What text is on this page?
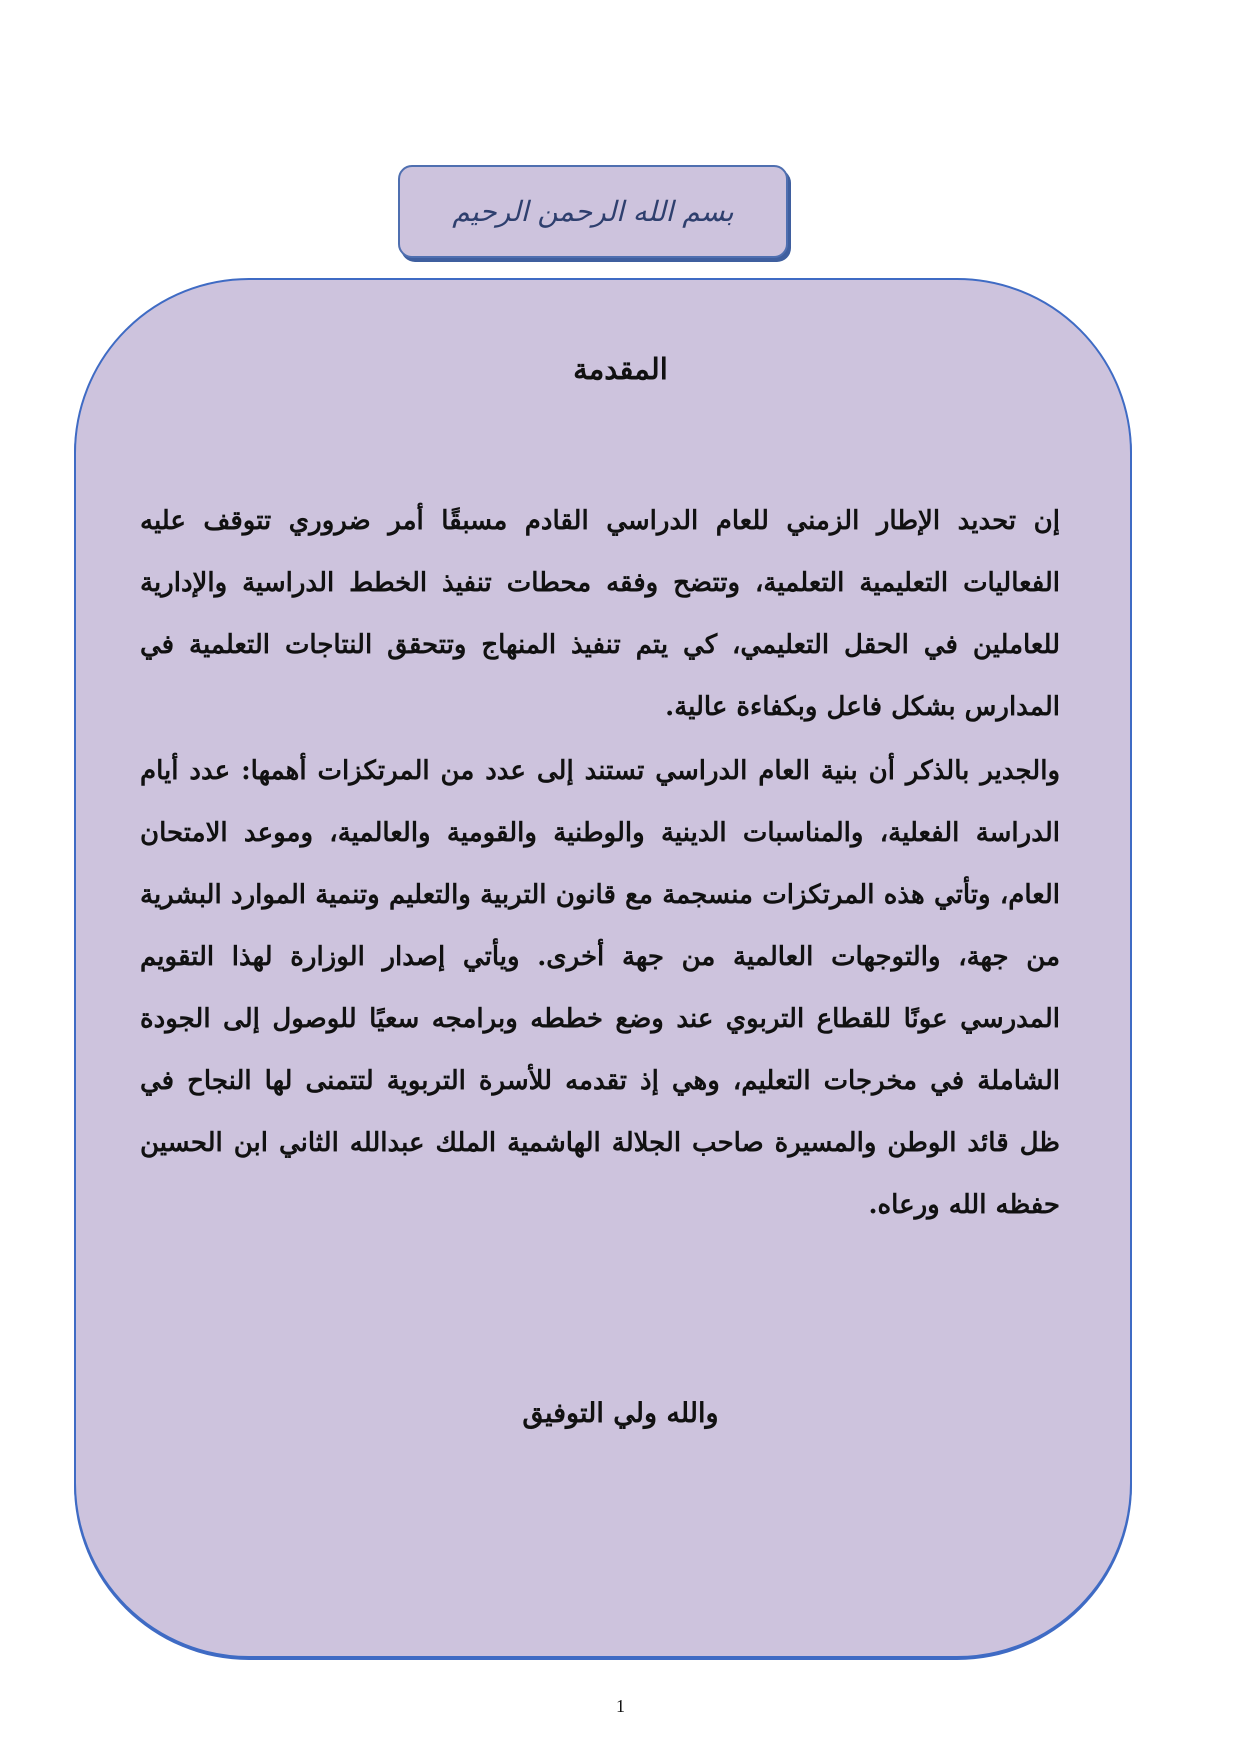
بسم الله الرحمن الرحيم
المقدمة

إن تحديد الإطار الزمني للعام الدراسي القادم مسبقًا أمر ضروري تتوقف عليه الفعاليات التعليمية التعلمية، وتتضح وفقه محطات تنفيذ الخطط الدراسية والإدارية للعاملين في الحقل التعليمي، كي يتم تنفيذ المنهاج وتتحقق النتاجات التعلمية في المدارس بشكل فاعل وبكفاءة عالية.

والجدير بالذكر أن بنية العام الدراسي تستند إلى عدد من المرتكزات أهمها: عدد أيام الدراسة الفعلية، والمناسبات الدينية والوطنية والقومية والعالمية، وموعد الامتحان العام، وتأتي هذه المرتكزات منسجمة مع قانون التربية والتعليم وتنمية الموارد البشرية من جهة، والتوجهات العالمية من جهة أخرى. ويأتي إصدار الوزارة لهذا التقويم المدرسي عونًا للقطاع التربوي عند وضع خططه وبرامجه سعيًا للوصول إلى الجودة الشاملة في مخرجات التعليم، وهي إذ تقدمه للأسرة التربوية لتتمنى لها النجاح في ظل قائد الوطن والمسيرة صاحب الجلالة الهاشمية الملك عبدالله الثاني ابن الحسين حفظه الله ورعاه.

والله ولي التوفيق
1
